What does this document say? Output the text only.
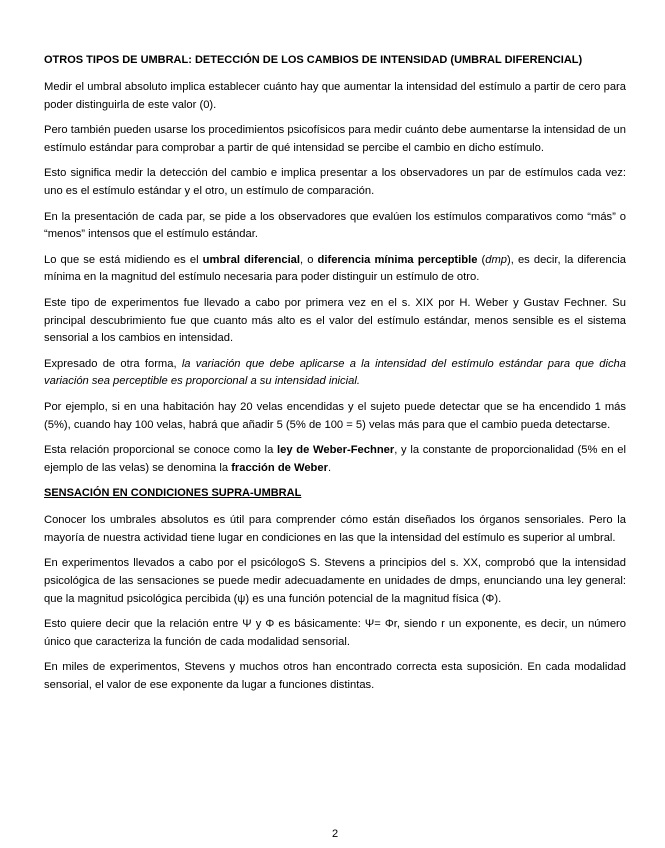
OTROS TIPOS DE UMBRAL: DETECCIÓN DE LOS CAMBIOS DE INTENSIDAD (UMBRAL DIFERENCIAL)

Medir el umbral absoluto implica establecer cuánto hay que aumentar la intensidad del estímulo a partir de cero para poder distinguirla de este valor (0).

Pero también pueden usarse los procedimientos psicofísicos para medir cuánto debe aumentarse la intensidad de un estímulo estándar para comprobar a partir de qué intensidad se percibe el cambio en dicho estímulo.

Esto significa medir la detección del cambio e implica presentar a los observadores un par de estímulos cada vez: uno es el estímulo estándar y el otro, un estímulo de comparación.

En la presentación de cada par, se pide a los observadores que evalúen los estímulos comparativos como “más” o “menos” intensos que el estímulo estándar.

Lo que se está midiendo es el umbral diferencial, o diferencia mínima perceptible (dmp), es decir, la diferencia mínima en la magnitud del estímulo necesaria para poder distinguir un estímulo de otro.

Este tipo de experimentos fue llevado a cabo por primera vez en el s. XIX por H. Weber y Gustav Fechner. Su principal descubrimiento fue que cuanto más alto es el valor del estímulo estándar, menos sensible es el sistema sensorial a los cambios en intensidad.

Expresado de otra forma, la variación que debe aplicarse a la intensidad del estímulo estándar para que dicha variación sea perceptible es proporcional a su intensidad inicial.

Por ejemplo, si en una habitación hay 20 velas encendidas y el sujeto puede detectar que se ha encendido 1 más (5%), cuando hay 100 velas, habrá que añadir 5 (5% de 100 = 5) velas más para que el cambio pueda detectarse.

Esta relación proporcional se conoce como la ley de Weber-Fechner, y la constante de proporcionalidad (5% en el ejemplo de las velas) se denomina la fracción de Weber.

SENSACIÓN EN CONDICIONES SUPRA-UMBRAL

Conocer los umbrales absolutos es útil para comprender cómo están diseñados los órganos sensoriales. Pero la mayoría de nuestra actividad tiene lugar en condiciones en las que la intensidad del estímulo es superior al umbral.

En experimentos llevados a cabo por el psicólogoS S. Stevens a principios del s. XX, comprobó que la intensidad psicológica de las sensaciones se puede medir adecuadamente en unidades de dmps, enunciando una ley general: que la magnitud psicológica percibida (ψ) es una función potencial de la magnitud física (Φ).

Esto quiere decir que la relación entre Ψ y Φ es básicamente: Ψ= Φr, siendo r un exponente, es decir, un número único que caracteriza la función de cada modalidad sensorial.

En miles de experimentos, Stevens y muchos otros han encontrado correcta esta suposición. En cada modalidad sensorial, el valor de ese exponente da lugar a funciones distintas.

2
